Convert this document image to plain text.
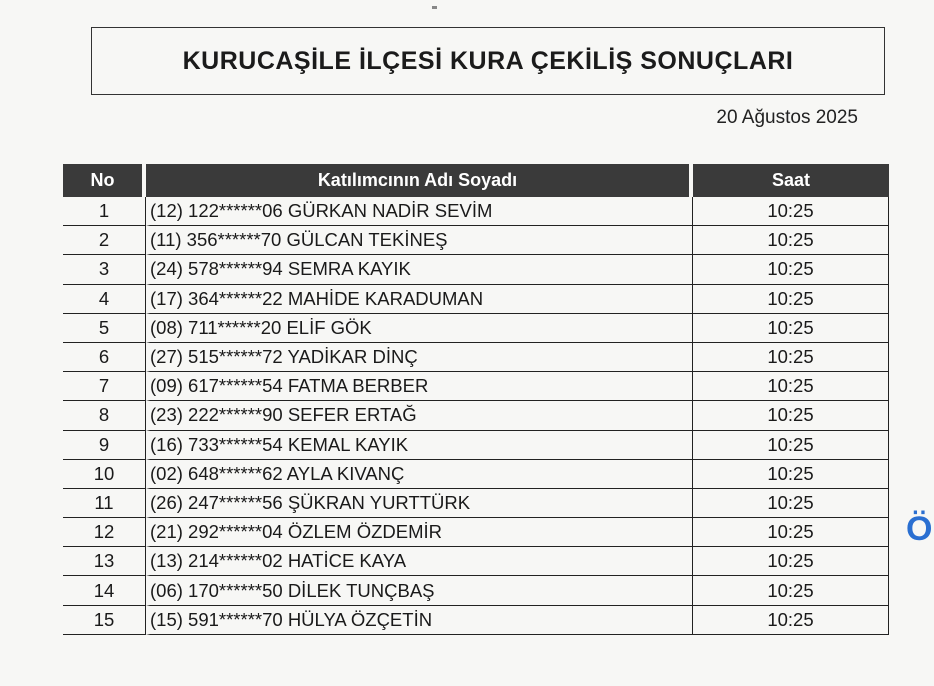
KURUCAŞİLE İLÇESİ KURA ÇEKİLİŞ SONUÇLARI
20 Ağustos 2025
No	Katılımcının Adı Soyadı	Saat
1	(12) 122******06 GÜRKAN NADİR SEVİM	10:25
2	(11) 356******70 GÜLCAN TEKİNEŞ	10:25
3	(24) 578******94 SEMRA KAYIK	10:25
4	(17) 364******22 MAHİDE KARADUMAN	10:25
5	(08) 711******20 ELİF GÖK	10:25
6	(27) 515******72 YADİKAR DİNÇ	10:25
7	(09) 617******54 FATMA BERBER	10:25
8	(23) 222******90 SEFER ERTAĞ	10:25
9	(16) 733******54 KEMAL KAYIK	10:25
10	(02) 648******62 AYLA KIVANÇ	10:25
11	(26) 247******56 ŞÜKRAN YURTTÜRK	10:25
12	(21) 292******04 ÖZLEM ÖZDEMİR	10:25
13	(13) 214******02 HATİCE KAYA	10:25
14	(06) 170******50 DİLEK TUNÇBAŞ	10:25
15	(15) 591******70 HÜLYA ÖZÇETİN	10:25
Ö
